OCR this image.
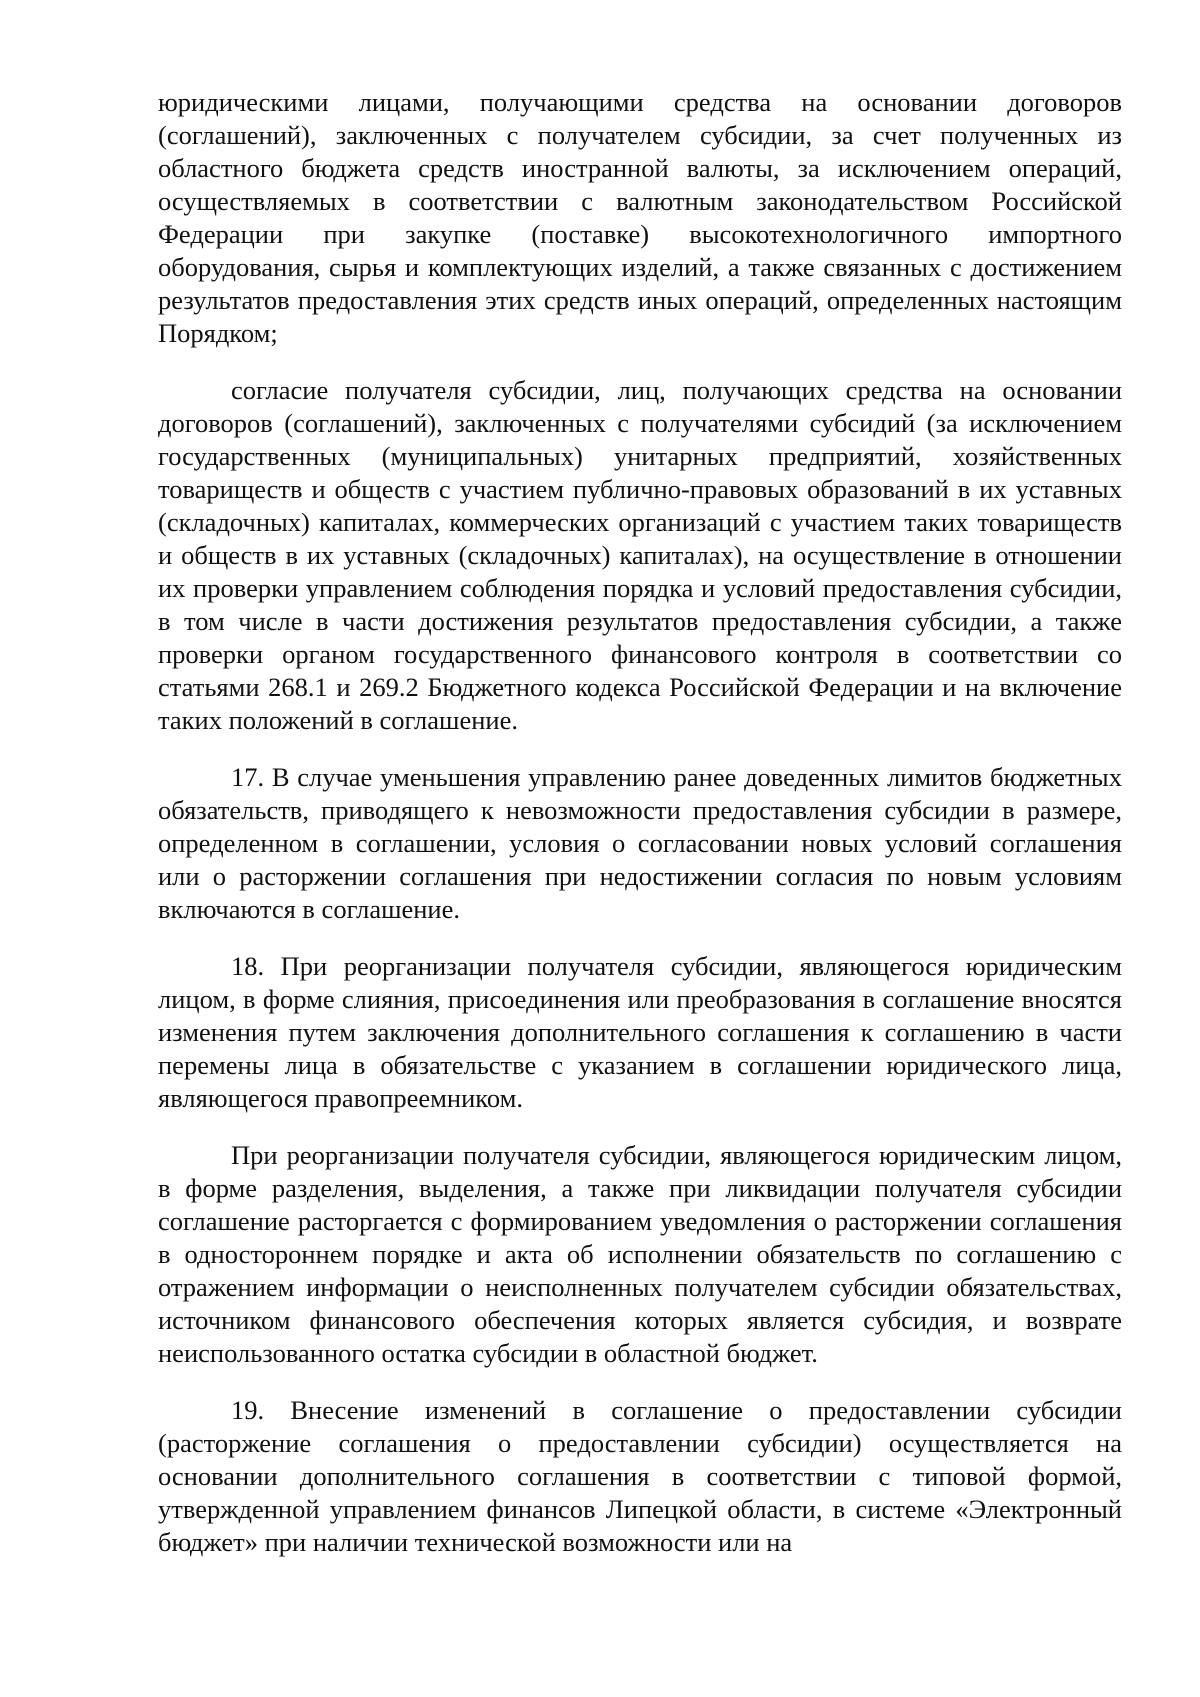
юридическими лицами, получающими средства на основании договоров (соглашений), заключенных с получателем субсидии, за счет полученных из областного бюджета средств иностранной валюты, за исключением операций, осуществляемых в соответствии с валютным законодательством Российской Федерации при закупке (поставке) высокотехнологичного импортного оборудования, сырья и комплектующих изделий, а также связанных с достижением результатов предоставления этих средств иных операций, определенных настоящим Порядком;

согласие получателя субсидии, лиц, получающих средства на основании договоров (соглашений), заключенных с получателями субсидий (за исключением государственных (муниципальных) унитарных предприятий, хозяйственных товариществ и обществ с участием публично-правовых образований в их уставных (складочных) капиталах, коммерческих организаций с участием таких товариществ и обществ в их уставных (складочных) капиталах), на осуществление в отношении их проверки управлением соблюдения порядка и условий предоставления субсидии, в том числе в части достижения результатов предоставления субсидии, а также проверки органом государственного финансового контроля в соответствии со статьями 268.1 и 269.2 Бюджетного кодекса Российской Федерации и на включение таких положений в соглашение.

17. В случае уменьшения управлению ранее доведенных лимитов бюджетных обязательств, приводящего к невозможности предоставления субсидии в размере, определенном в соглашении, условия о согласовании новых условий соглашения или о расторжении соглашения при недостижении согласия по новым условиям включаются в соглашение.

18. При реорганизации получателя субсидии, являющегося юридическим лицом, в форме слияния, присоединения или преобразования в соглашение вносятся изменения путем заключения дополнительного соглашения к соглашению в части перемены лица в обязательстве с указанием в соглашении юридического лица, являющегося правопреемником.

При реорганизации получателя субсидии, являющегося юридическим лицом, в форме разделения, выделения, а также при ликвидации получателя субсидии соглашение расторгается с формированием уведомления о расторжении соглашения в одностороннем порядке и акта об исполнении обязательств по соглашению с отражением информации о неисполненных получателем субсидии обязательствах, источником финансового обеспечения которых является субсидия, и возврате неиспользованного остатка субсидии в областной бюджет.

19. Внесение изменений в соглашение о предоставлении субсидии (расторжение соглашения о предоставлении субсидии) осуществляется на основании дополнительного соглашения в соответствии с типовой формой, утвержденной управлением финансов Липецкой области, в системе «Электронный бюджет» при наличии технической возможности или на
